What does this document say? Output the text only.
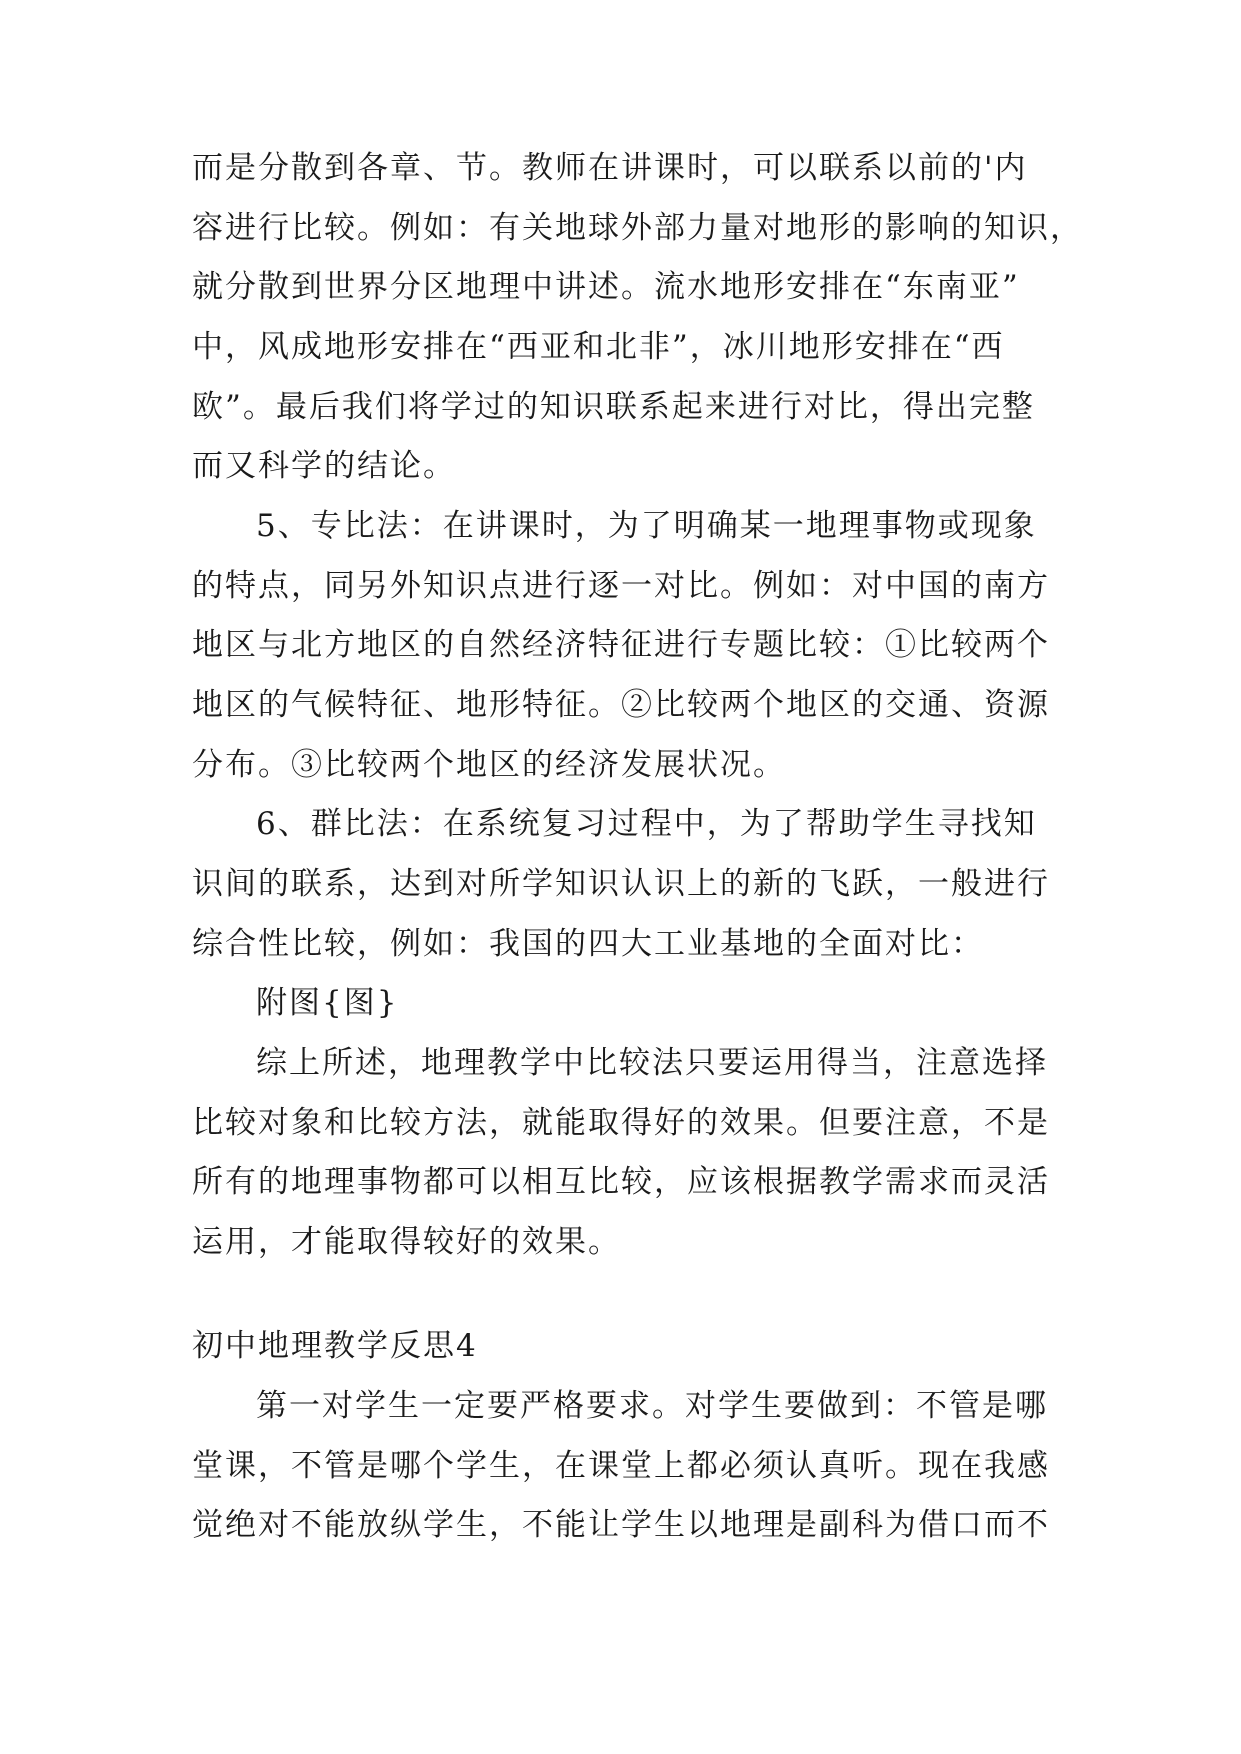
而是分散到各章、节。教师在讲课时，可以联系以前的'内
容进行比较。例如：有关地球外部力量对地形的影响的知识，
就分散到世界分区地理中讲述。流水地形安排在“东南亚”
中，风成地形安排在“西亚和北非”，冰川地形安排在“西
欧”。最后我们将学过的知识联系起来进行对比，得出完整
而又科学的结论。
5、专比法：在讲课时，为了明确某一地理事物或现象
的特点，同另外知识点进行逐一对比。例如：对中国的南方
地区与北方地区的自然经济特征进行专题比较：①比较两个
地区的气候特征、地形特征。②比较两个地区的交通、资源
分布。③比较两个地区的经济发展状况。
6、群比法：在系统复习过程中，为了帮助学生寻找知
识间的联系，达到对所学知识认识上的新的飞跃，一般进行
综合性比较，例如：我国的四大工业基地的全面对比：
附图{图}
综上所述，地理教学中比较法只要运用得当，注意选择
比较对象和比较方法，就能取得好的效果。但要注意，不是
所有的地理事物都可以相互比较，应该根据教学需求而灵活
运用，才能取得较好的效果。
初中地理教学反思4
第一对学生一定要严格要求。对学生要做到：不管是哪
堂课，不管是哪个学生，在课堂上都必须认真听。现在我感
觉绝对不能放纵学生，不能让学生以地理是副科为借口而不
